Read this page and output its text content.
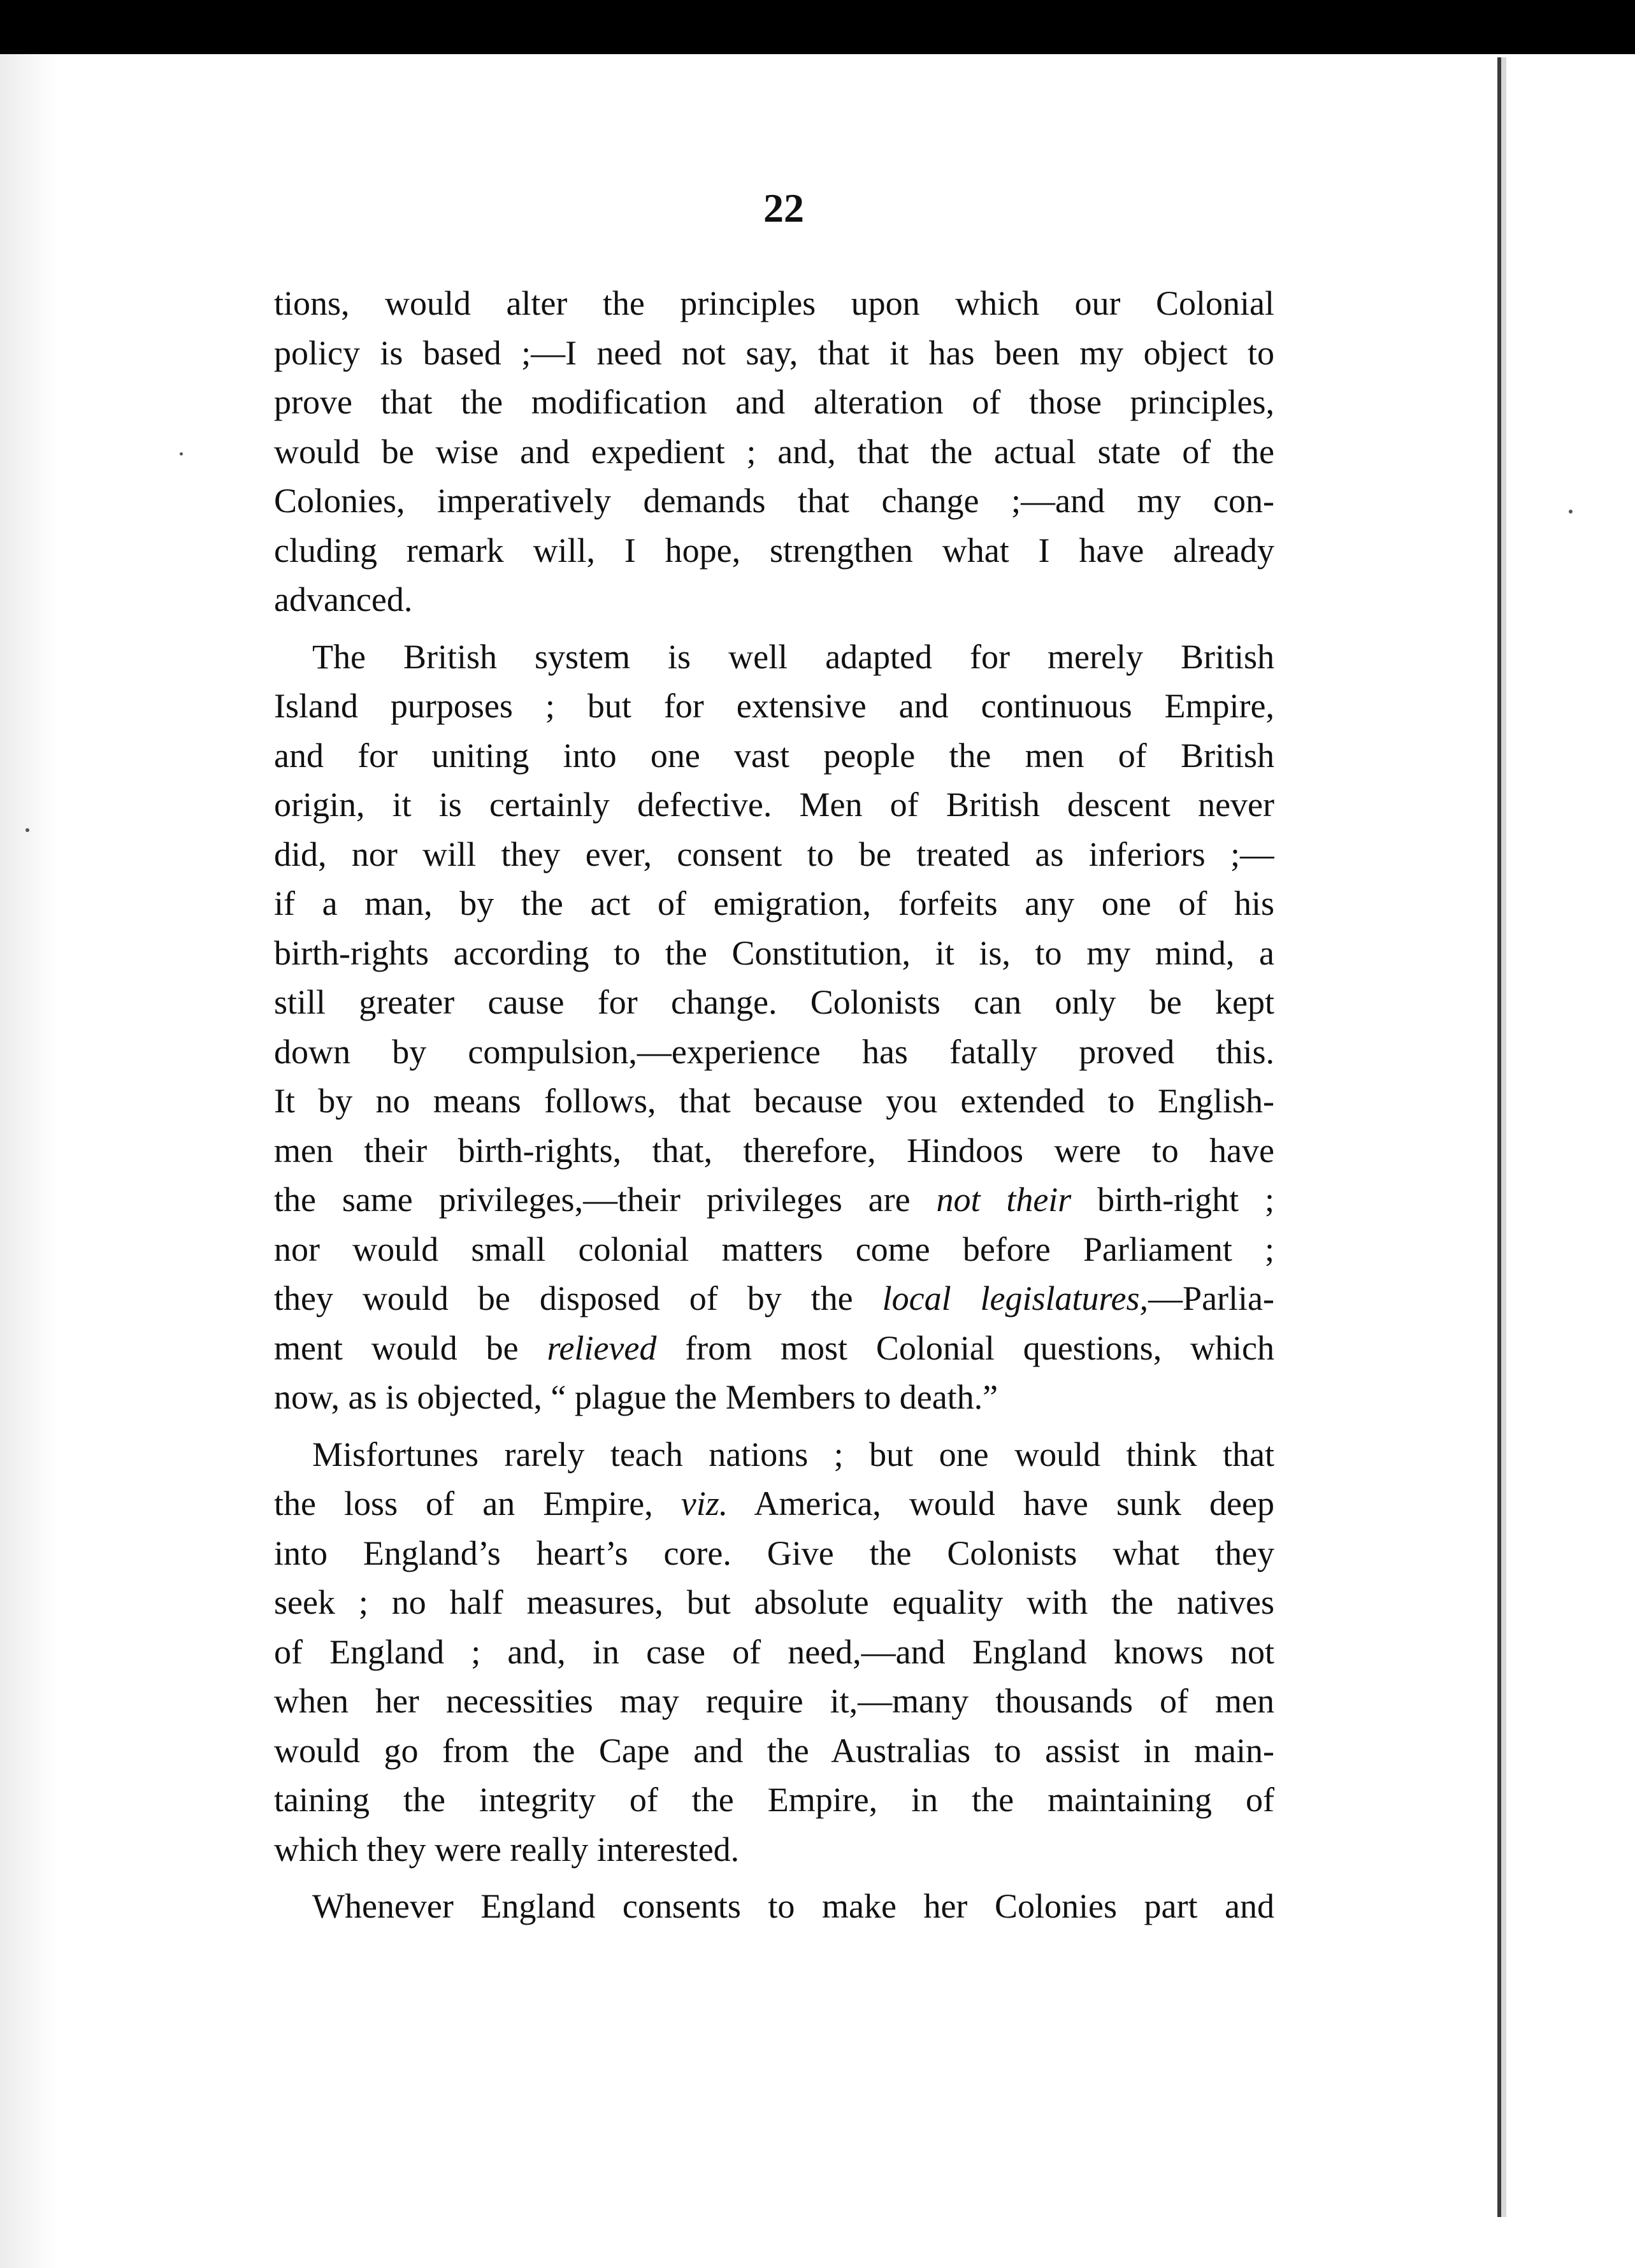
22
tions, would alter the principles upon which our Colonial
policy is based ;—I need not say, that it has been my object to
prove that the modification and alteration of those principles,
would be wise and expedient ; and, that the actual state of the
Colonies, imperatively demands that change ;—and my con-
cluding remark will, I hope, strengthen what I have already
advanced.
The British system is well adapted for merely British
Island purposes ; but for extensive and continuous Empire,
and for uniting into one vast people the men of British
origin, it is certainly defective. Men of British descent never
did, nor will they ever, consent to be treated as inferiors ;—
if a man, by the act of emigration, forfeits any one of his
birth-rights according to the Constitution, it is, to my mind, a
still greater cause for change. Colonists can only be kept
down by compulsion,—experience has fatally proved this.
It by no means follows, that because you extended to English-
men their birth-rights, that, therefore, Hindoos were to have
the same privileges,—their privileges are not their birth-right ;
nor would small colonial matters come before Parliament ;
they would be disposed of by the local legislatures,—Parlia-
ment would be relieved from most Colonial questions, which
now, as is objected, “ plague the Members to death.”
Misfortunes rarely teach nations ; but one would think that
the loss of an Empire, viz. America, would have sunk deep
into England’s heart’s core. Give the Colonists what they
seek ; no half measures, but absolute equality with the natives
of England ; and, in case of need,—and England knows not
when her necessities may require it,—many thousands of men
would go from the Cape and the Australias to assist in main-
taining the integrity of the Empire, in the maintaining of
which they were really interested.
Whenever England consents to make her Colonies part and
